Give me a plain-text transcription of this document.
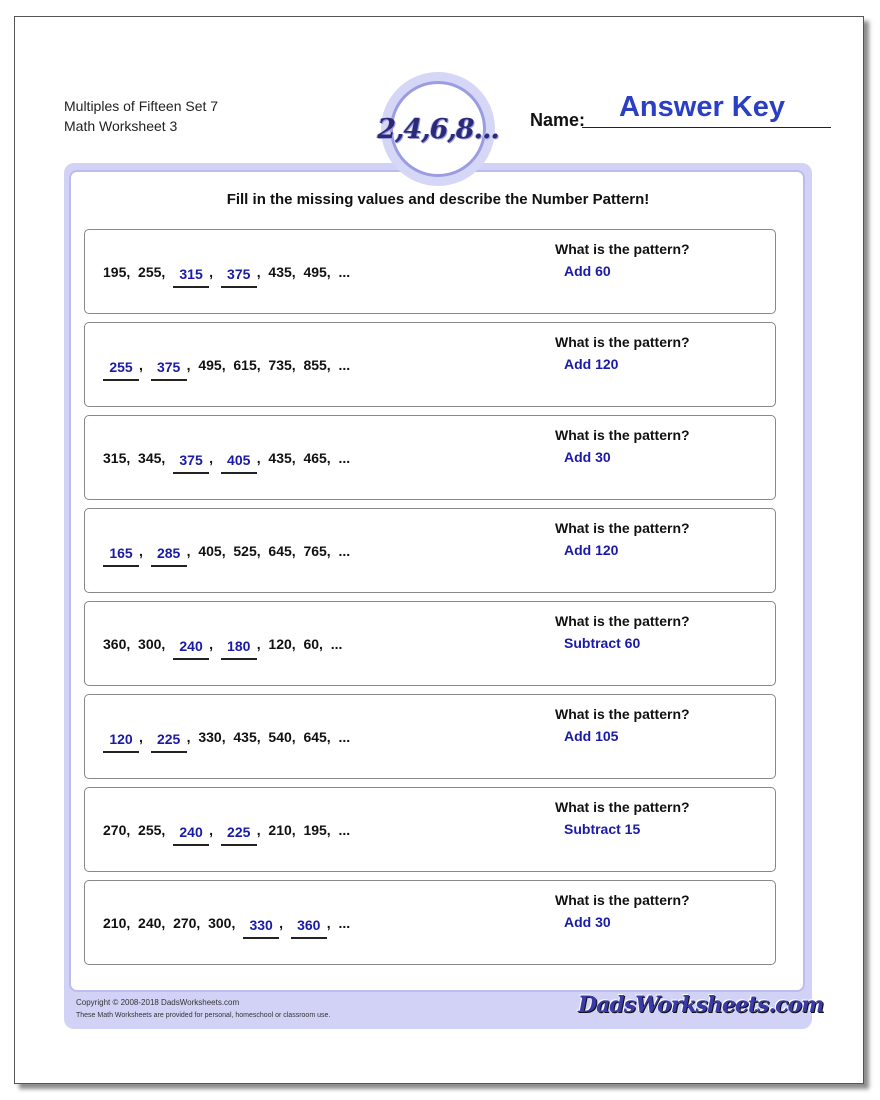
Multiples of Fifteen Set 7
Math Worksheet 3	2,4,6,8...
Answer Key
Name:
Fill in the missing values and describe the Number Pattern!
195 , 255 , 315 , 375 , 435 , 495 , ...
What is the pattern?
Add 60
255 , 375 , 495 , 615 , 735 , 855 , ...
What is the pattern?
Add 120
315 , 345 , 375 , 405 , 435 , 465 , ...
What is the pattern?
Add 30
165 , 285 , 405 , 525 , 645 , 765 , ...
What is the pattern?
Add 120
360 , 300 , 240 , 180 , 120 , 60 , ...
What is the pattern?
Subtract 60
120 , 225 , 330 , 435 , 540 , 645 , ...
What is the pattern?
Add 105
270 , 255 , 240 , 225 , 210 , 195 , ...
What is the pattern?
Subtract 15
210 , 240 , 270 , 300 , 330 , 360 , ...
What is the pattern?
Add 30
Copyright © 2008-2018 DadsWorksheets.com
These Math Worksheets are provided for personal, homeschool or classroom use.	DadsWorksheets.com
